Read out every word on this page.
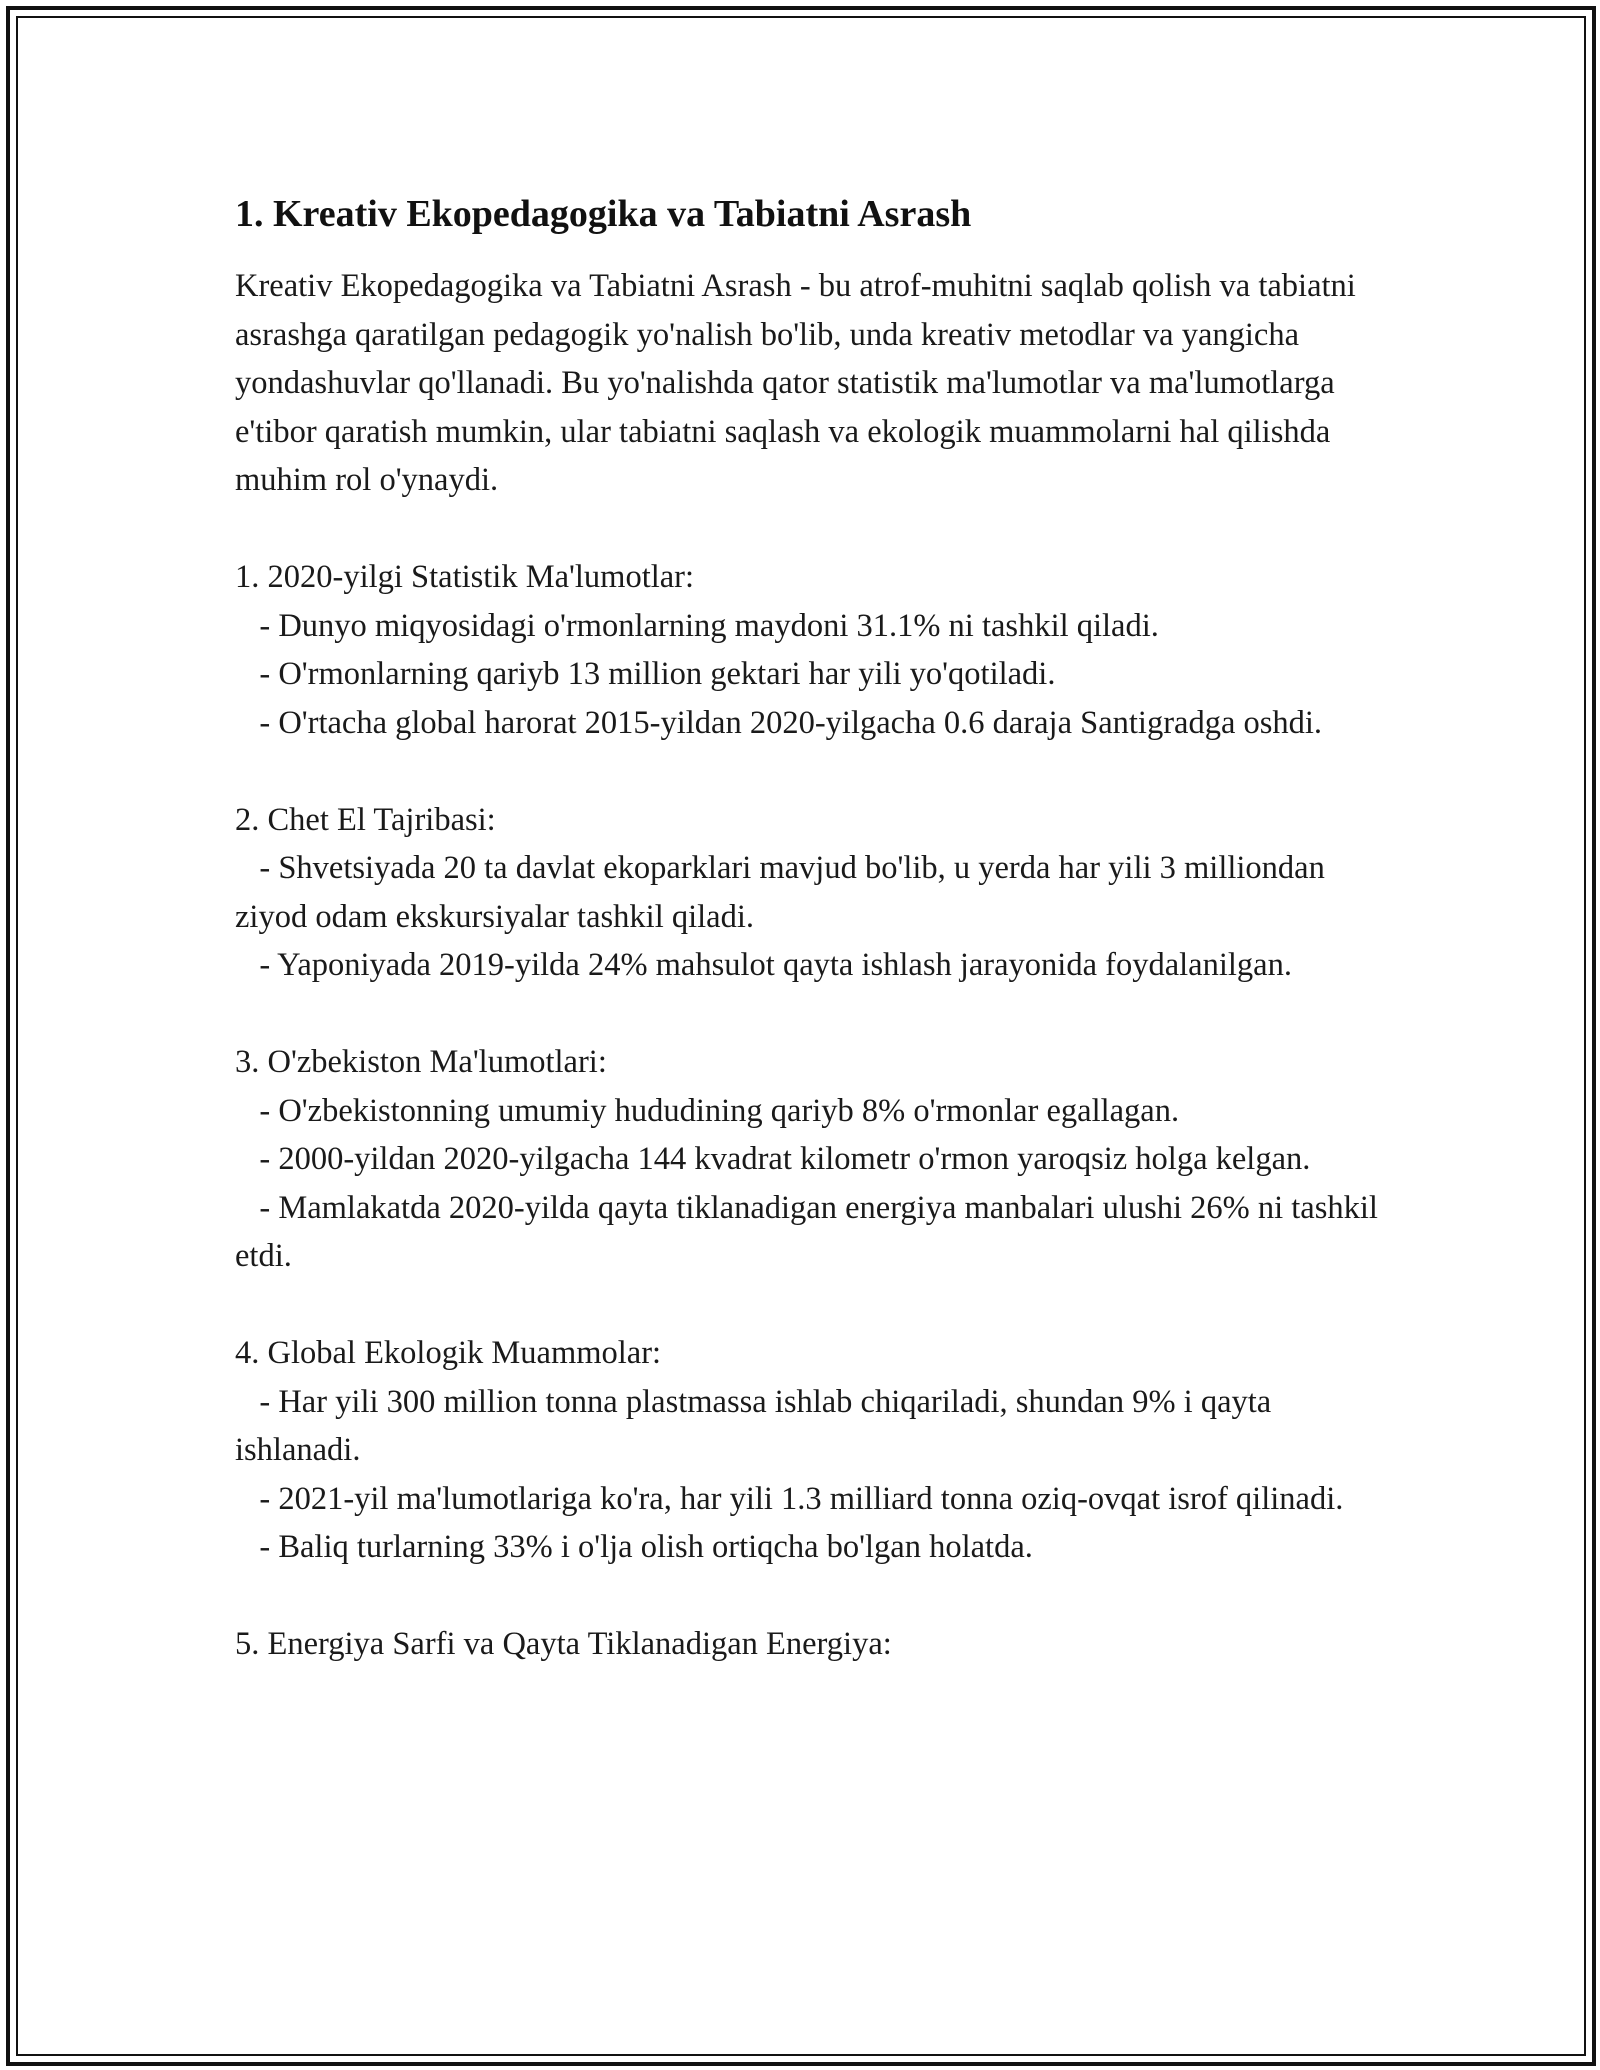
1. Kreativ Ekopedagogika va Tabiatni Asrash

Kreativ Ekopedagogika va Tabiatni Asrash - bu atrof-muhitni saqlab qolish va tabiatni asrashga qaratilgan pedagogik yo'nalish bo'lib, unda kreativ metodlar va yangicha yondashuvlar qo'llanadi. Bu yo'nalishda qator statistik ma'lumotlar va ma'lumotlarga e'tibor qaratish mumkin, ular tabiatni saqlash va ekologik muammolarni hal qilishda muhim rol o'ynaydi.

1. 2020-yilgi Statistik Ma'lumotlar:

- Dunyo miqyosidagi o'rmonlarning maydoni 31.1% ni tashkil qiladi.

- O'rmonlarning qariyb 13 million gektari har yili yo'qotiladi.

- O'rtacha global harorat 2015-yildan 2020-yilgacha 0.6 daraja Santigradga oshdi.

2. Chet El Tajribasi:

- Shvetsiyada 20 ta davlat ekoparklari mavjud bo'lib, u yerda har yili 3 milliondan ziyod odam ekskursiyalar tashkil qiladi.

- Yaponiyada 2019-yilda 24% mahsulot qayta ishlash jarayonida foydalanilgan.

3. O'zbekiston Ma'lumotlari:

- O'zbekistonning umumiy hududining qariyb 8% o'rmonlar egallagan.

- 2000-yildan 2020-yilgacha 144 kvadrat kilometr o'rmon yaroqsiz holga kelgan.

- Mamlakatda 2020-yilda qayta tiklanadigan energiya manbalari ulushi 26% ni tashkil etdi.

4. Global Ekologik Muammolar:

- Har yili 300 million tonna plastmassa ishlab chiqariladi, shundan 9% i qayta ishlanadi.

- 2021-yil ma'lumotlariga ko'ra, har yili 1.3 milliard tonna oziq-ovqat isrof qilinadi.

- Baliq turlarning 33% i o'lja olish ortiqcha bo'lgan holatda.

5. Energiya Sarfi va Qayta Tiklanadigan Energiya:
